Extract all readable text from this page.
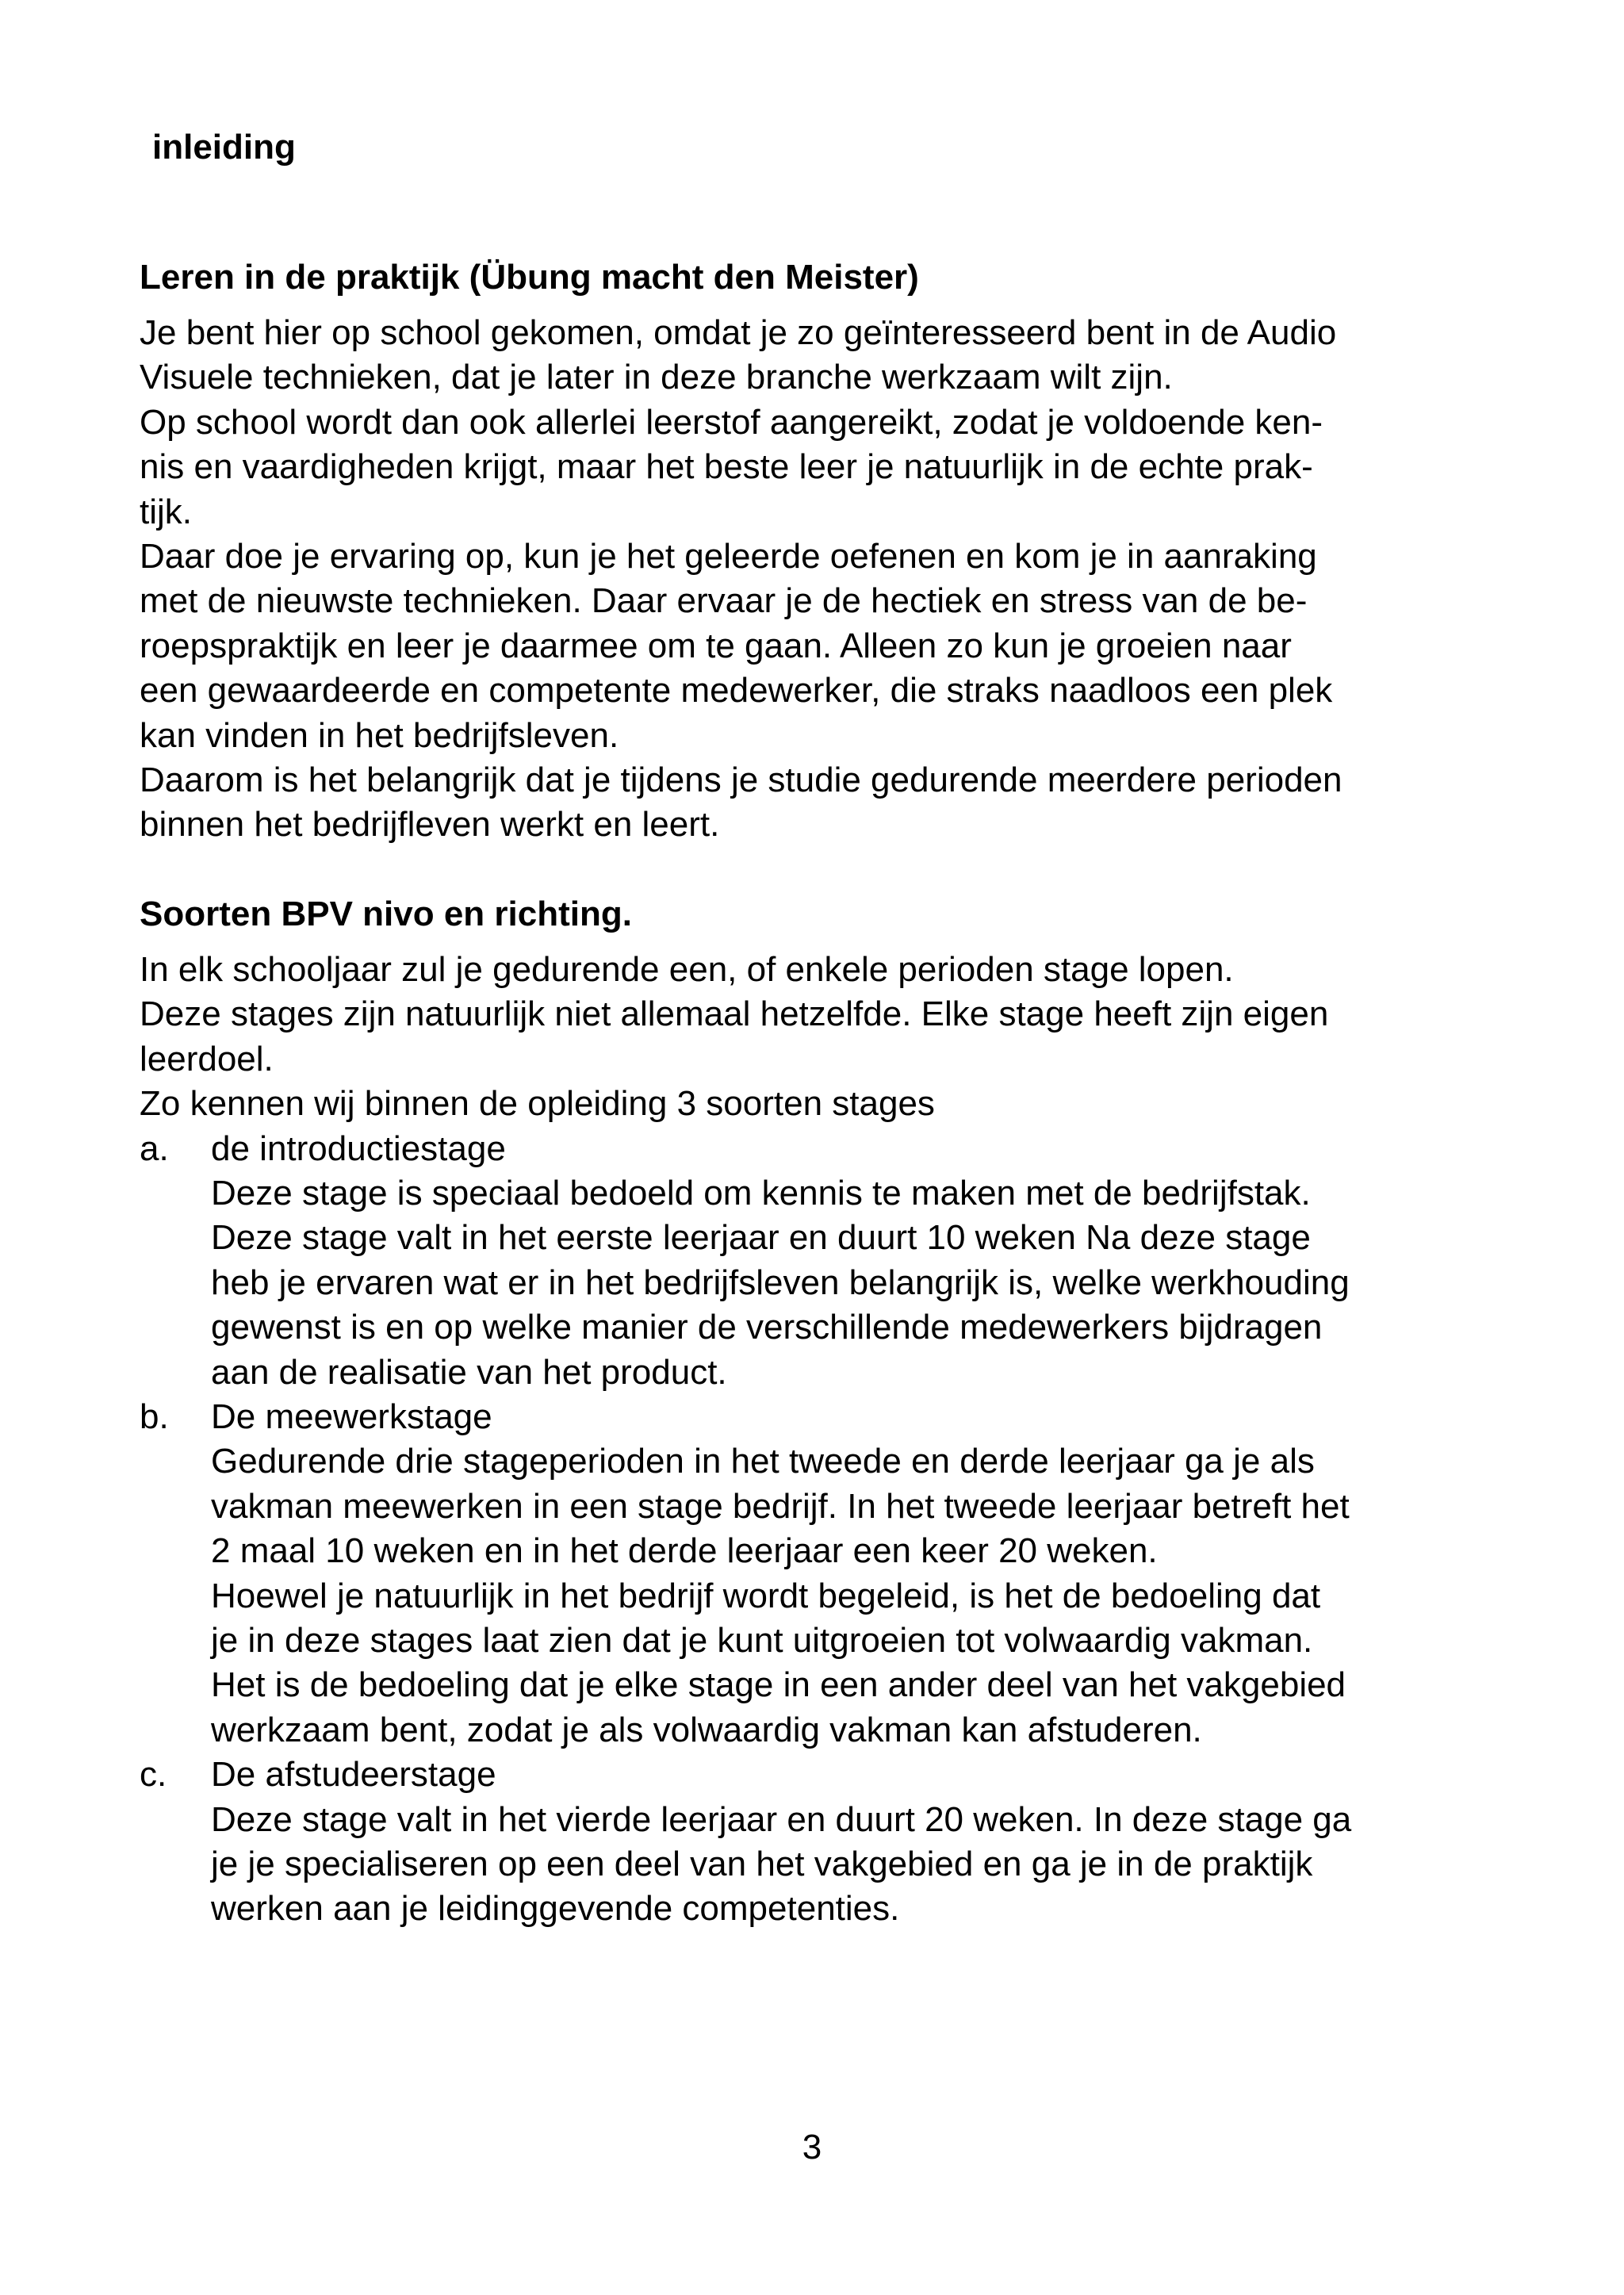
inleiding
Leren in de praktijk (Übung macht den Meister)

Je bent hier op school gekomen, omdat je zo geïnteresseerd bent in de Audio
Visuele technieken, dat je later in deze branche werkzaam wilt zijn.

Op school wordt dan ook allerlei leerstof aangereikt, zodat je voldoende ken-
nis en vaardigheden krijgt, maar het beste leer je natuurlijk in de echte prak-
tijk.

Daar doe je ervaring op, kun je het geleerde oefenen en kom je in aanraking
met de nieuwste technieken. Daar ervaar je de hectiek en stress van de be-
roepspraktijk en leer je daarmee om te gaan. Alleen zo kun je groeien naar
een gewaardeerde en competente medewerker, die straks naadloos een plek
kan vinden in het bedrijfsleven.

Daarom is het belangrijk dat je tijdens je studie gedurende meerdere perioden
binnen het bedrijfleven werkt en leert.

Soorten BPV nivo en richting.

In elk schooljaar zul je gedurende een, of enkele perioden stage lopen.
Deze stages zijn natuurlijk niet allemaal hetzelfde. Elke stage heeft zijn eigen
leerdoel.
Zo kennen wij binnen de opleiding 3 soorten stages

a. de introductiestage
Deze stage is speciaal bedoeld om kennis te maken met de bedrijfstak.
Deze stage valt in het eerste leerjaar en duurt 10 weken Na deze stage
heb je ervaren wat er in het bedrijfsleven belangrijk is, welke werkhouding
gewenst is en op welke manier de verschillende medewerkers bijdragen
aan de realisatie van het product.
b. De meewerkstage
Gedurende drie stageperioden in het tweede en derde leerjaar ga je als
vakman meewerken in een stage bedrijf. In het tweede leerjaar betreft het
2 maal 10 weken en in het derde leerjaar een keer 20 weken.
Hoewel je natuurlijk in het bedrijf wordt begeleid, is het de bedoeling dat
je in deze stages laat zien dat je kunt uitgroeien tot volwaardig vakman.
Het is de bedoeling dat je elke stage in een ander deel van het vakgebied
werkzaam bent, zodat je als volwaardig vakman kan afstuderen.
c. De afstudeerstage
Deze stage valt in het vierde leerjaar en duurt 20 weken. In deze stage ga
je je specialiseren op een deel van het vakgebied en ga je in de praktijk
werken aan je leidinggevende competenties.
3
